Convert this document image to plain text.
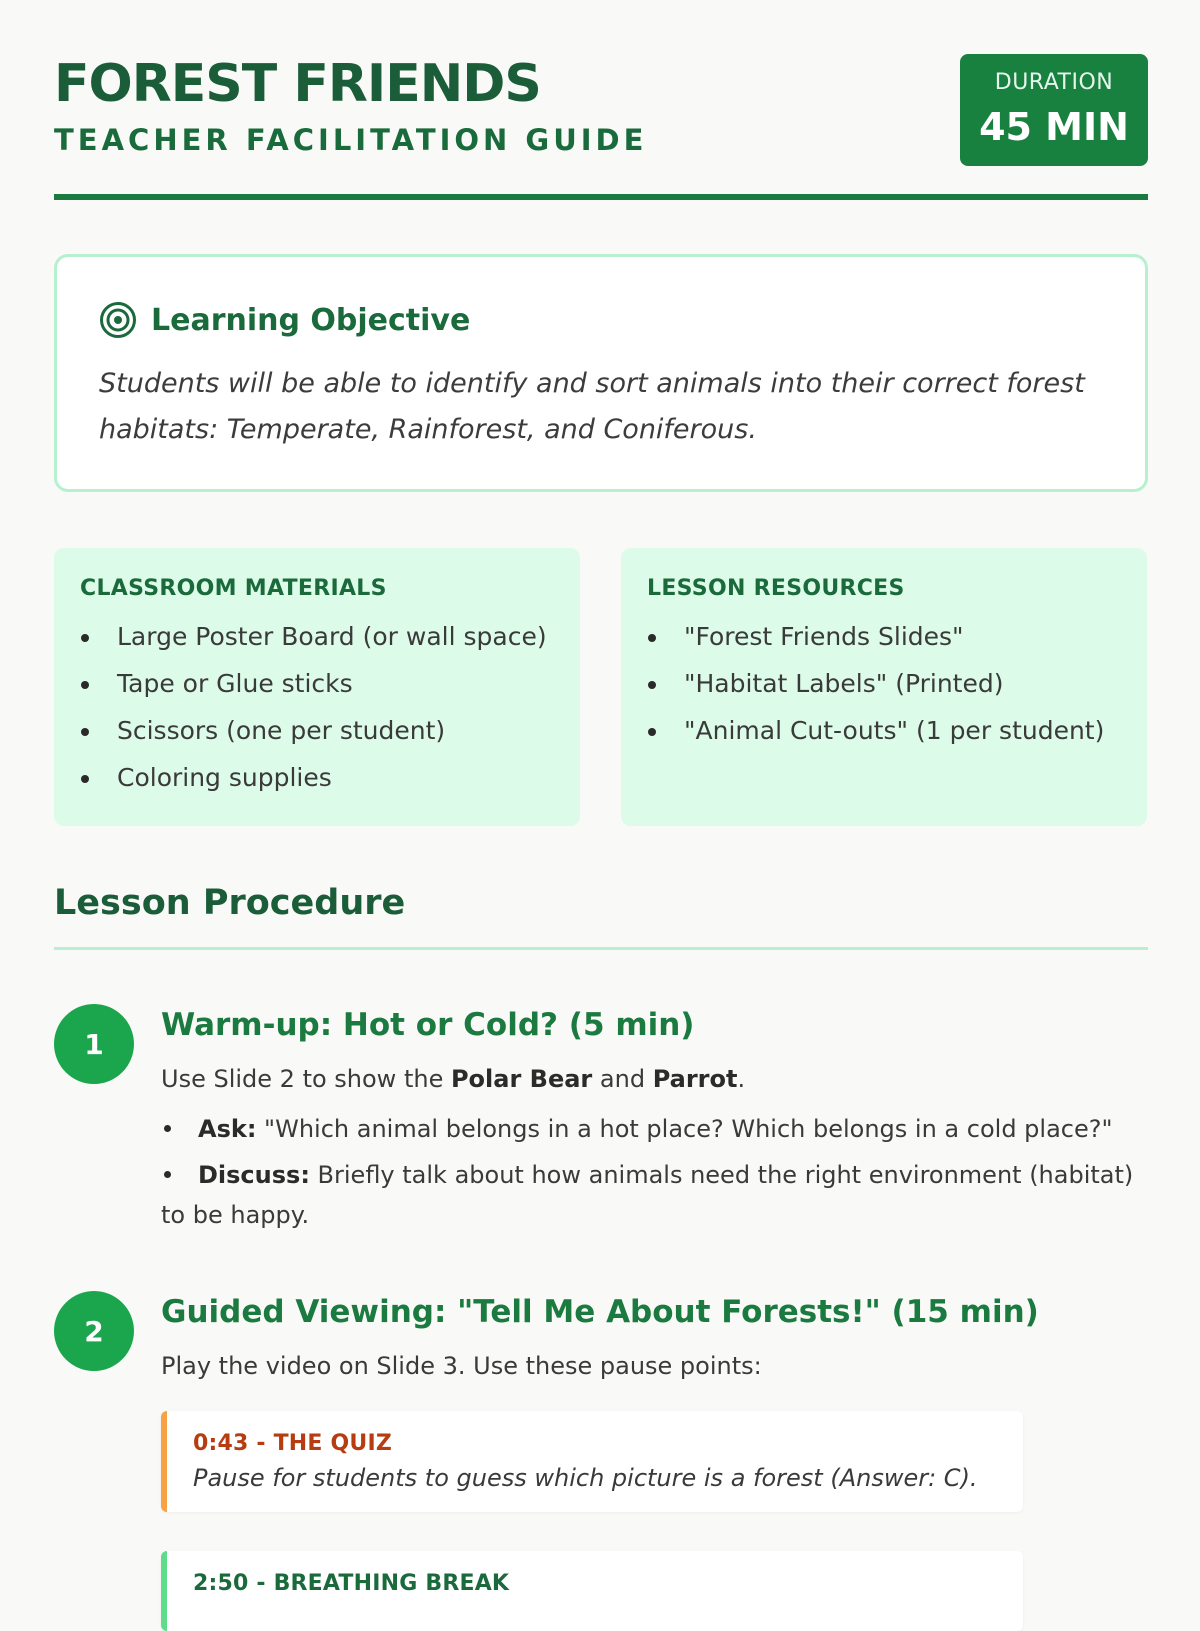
FOREST FRIENDS
TEACHER FACILITATION GUIDE
DURATION
45 MIN
Learning Objective

Students will be able to identify and sort animals into their correct forest habitats: Temperate, Rainforest, and Coniferous.

CLASSROOM MATERIALS
Large Poster Board (or wall space)
Tape or Glue sticks
Scissors (one per student)
Coloring supplies
LESSON RESOURCES
"Forest Friends Slides"
"Habitat Labels" (Printed)
"Animal Cut-outs" (1 per student)
Lesson Procedure
1
Warm-up: Hot or Cold? (5 min)

Use Slide 2 to show the Polar Bear and Parrot.

Ask: "Which animal belongs in a hot place? Which belongs in a cold place?"
Discuss: Briefly talk about how animals need the right environment (habitat) to be happy.
2
Guided Viewing: "Tell Me About Forests!" (15 min)

Play the video on Slide 3. Use these pause points:

0:43 - THE QUIZ

Pause for students to guess which picture is a forest (Answer: C).

2:50 - BREATHING BREAK
